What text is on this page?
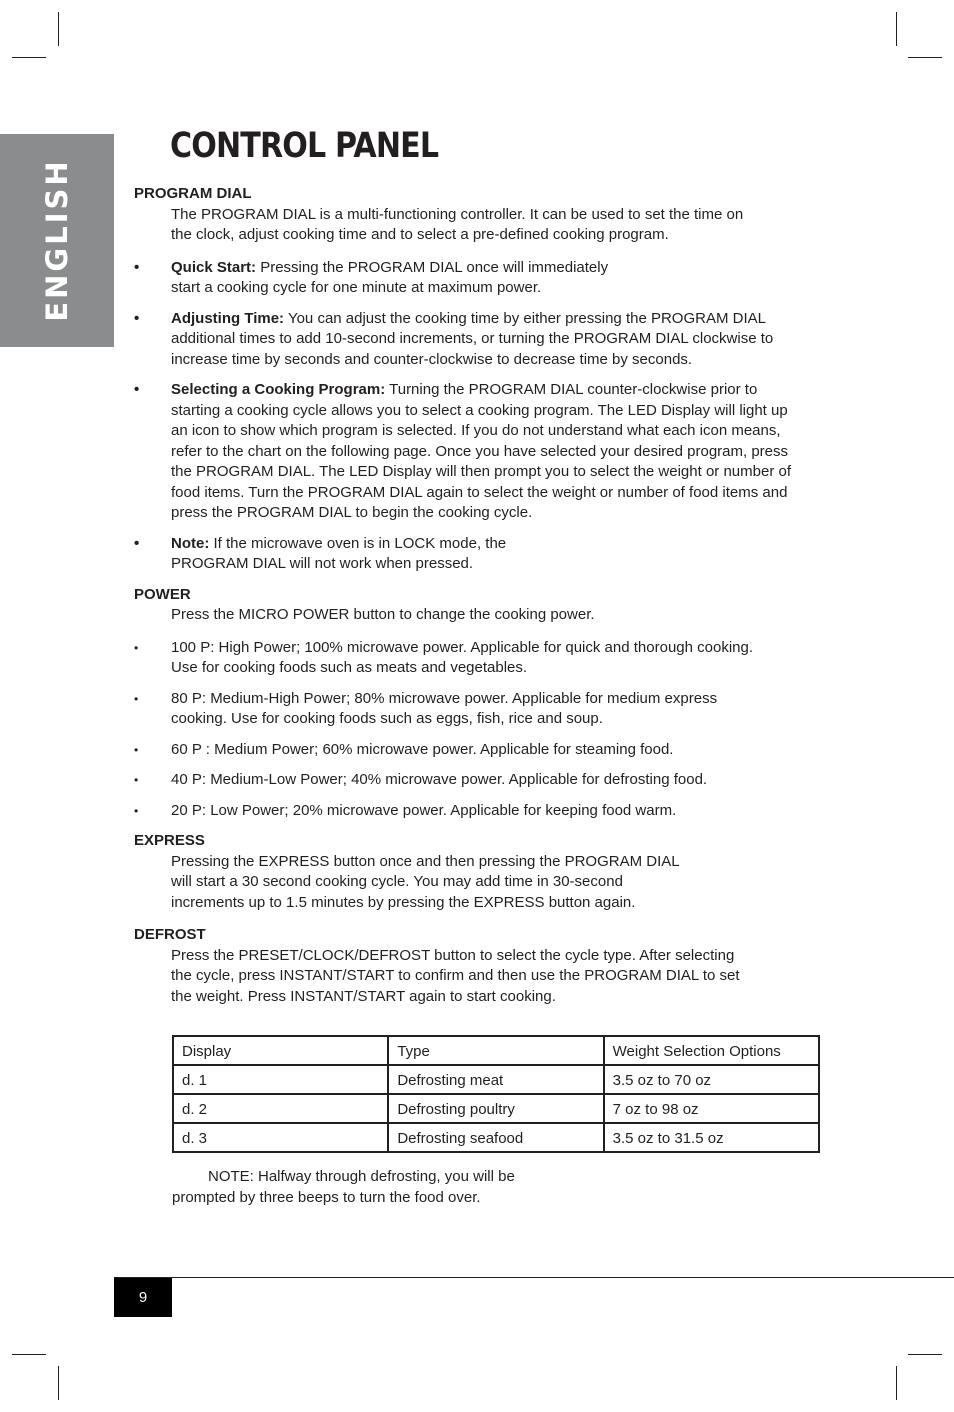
ENGLISH
CONTROL PANEL

PROGRAM DIAL

The PROGRAM DIAL is a multi-functioning controller. It can be used to set the time on the clock, adjust cooking time and to select a pre-defined cooking program.

• Quick Start: Pressing the PROGRAM DIAL once will immediately start a cooking cycle for one minute at maximum power.
• Adjusting Time: You can adjust the cooking time by either pressing the PROGRAM DIAL additional times to add 10-second increments, or turning the PROGRAM DIAL clockwise to increase time by seconds and counter-clockwise to decrease time by seconds.
• Selecting a Cooking Program: Turning the PROGRAM DIAL counter-clockwise prior to starting a cooking cycle allows you to select a cooking program. The LED Display will light up an icon to show which program is selected. If you do not understand what each icon means, refer to the chart on the following page. Once you have selected your desired program, press the PROGRAM DIAL. The LED Display will then prompt you to select the weight or number of food items. Turn the PROGRAM DIAL again to select the weight or number of food items and press the PROGRAM DIAL to begin the cooking cycle.
• Note: If the microwave oven is in LOCK mode, the PROGRAM DIAL will not work when pressed.

POWER

Press the MICRO POWER button to change the cooking power.

• 100 P: High Power; 100% microwave power. Applicable for quick and thorough cooking. Use for cooking foods such as meats and vegetables.
• 80 P: Medium-High Power; 80% microwave power. Applicable for medium express cooking. Use for cooking foods such as eggs, fish, rice and soup.
• 60 P : Medium Power; 60% microwave power. Applicable for steaming food.
• 40 P: Medium-Low Power; 40% microwave power. Applicable for defrosting food.
• 20 P: Low Power; 20% microwave power. Applicable for keeping food warm.

EXPRESS

Pressing the EXPRESS button once and then pressing the PROGRAM DIAL will start a 30 second cooking cycle. You may add time in 30-second increments up to 1.5 minutes by pressing the EXPRESS button again.

DEFROST

Press the PRESET/CLOCK/DEFROST button to select the cycle type. After selecting the cycle, press INSTANT/START to confirm and then use the PROGRAM DIAL to set the weight. Press INSTANT/START again to start cooking.

Display	Type	Weight Selection Options
d. 1	Defrosting meat	3.5 oz to 70 oz
d. 2	Defrosting poultry	7 oz to 98 oz
d. 3	Defrosting seafood	3.5 oz to 31.5 oz
NOTE: Halfway through defrosting, you will be
prompted by three beeps to turn the food over.
9
